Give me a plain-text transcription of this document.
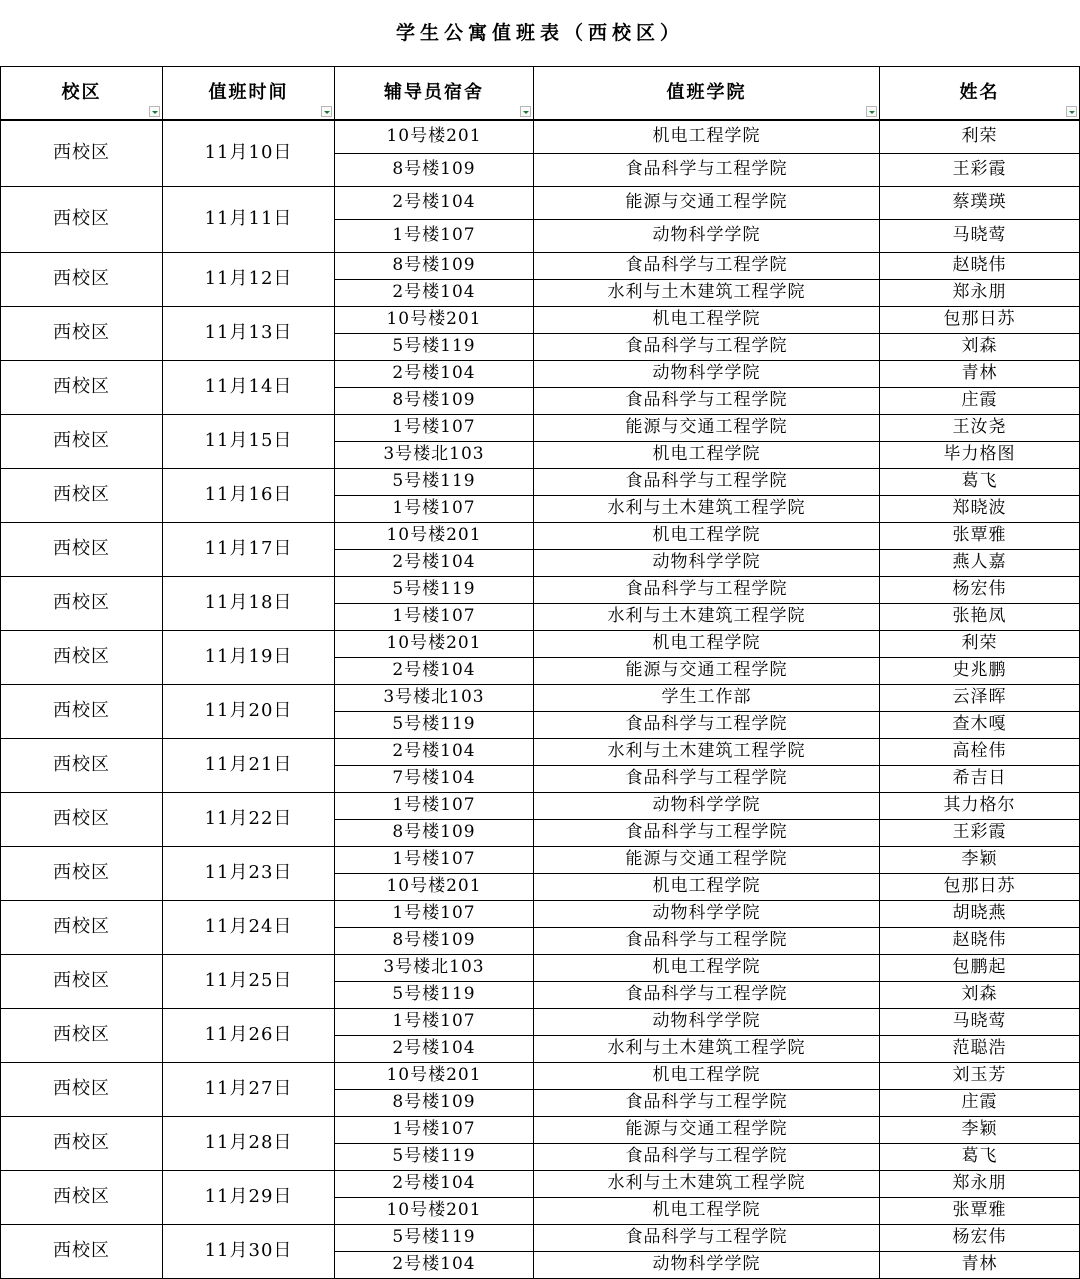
学生公寓值班表（西校区）
校区	值班时间	辅导员宿舍	值班学院	姓名

西校区	11月10日	10号楼201	机电工程学院	利荣
		8号楼109	食品科学与工程学院	王彩霞
西校区	11月11日	2号楼104	能源与交通工程学院	蔡璞瑛
		1号楼107	动物科学学院	马晓莺
西校区	11月12日	8号楼109	食品科学与工程学院	赵晓伟
		2号楼104	水利与土木建筑工程学院	郑永朋
西校区	11月13日	10号楼201	机电工程学院	包那日苏
		5号楼119	食品科学与工程学院	刘森
西校区	11月14日	2号楼104	动物科学学院	青林
		8号楼109	食品科学与工程学院	庄霞
西校区	11月15日	1号楼107	能源与交通工程学院	王汝尧
		3号楼北103	机电工程学院	毕力格图
西校区	11月16日	5号楼119	食品科学与工程学院	葛飞
		1号楼107	水利与土木建筑工程学院	郑晓波
西校区	11月17日	10号楼201	机电工程学院	张覃雅
		2号楼104	动物科学学院	燕人嘉
西校区	11月18日	5号楼119	食品科学与工程学院	杨宏伟
		1号楼107	水利与土木建筑工程学院	张艳凤
西校区	11月19日	10号楼201	机电工程学院	利荣
		2号楼104	能源与交通工程学院	史兆鹏
西校区	11月20日	3号楼北103	学生工作部	云泽晖
		5号楼119	食品科学与工程学院	查木嘎
西校区	11月21日	2号楼104	水利与土木建筑工程学院	高栓伟
		7号楼104	食品科学与工程学院	希吉日
西校区	11月22日	1号楼107	动物科学学院	其力格尔
		8号楼109	食品科学与工程学院	王彩霞
西校区	11月23日	1号楼107	能源与交通工程学院	李颖
		10号楼201	机电工程学院	包那日苏
西校区	11月24日	1号楼107	动物科学学院	胡晓燕
		8号楼109	食品科学与工程学院	赵晓伟
西校区	11月25日	3号楼北103	机电工程学院	包鹏起
		5号楼119	食品科学与工程学院	刘森
西校区	11月26日	1号楼107	动物科学学院	马晓莺
		2号楼104	水利与土木建筑工程学院	范聪浩
西校区	11月27日	10号楼201	机电工程学院	刘玉芳
		8号楼109	食品科学与工程学院	庄霞
西校区	11月28日	1号楼107	能源与交通工程学院	李颖
		5号楼119	食品科学与工程学院	葛飞
西校区	11月29日	2号楼104	水利与土木建筑工程学院	郑永朋
		10号楼201	机电工程学院	张覃雅
西校区	11月30日	5号楼119	食品科学与工程学院	杨宏伟
		2号楼104	动物科学学院	青林
